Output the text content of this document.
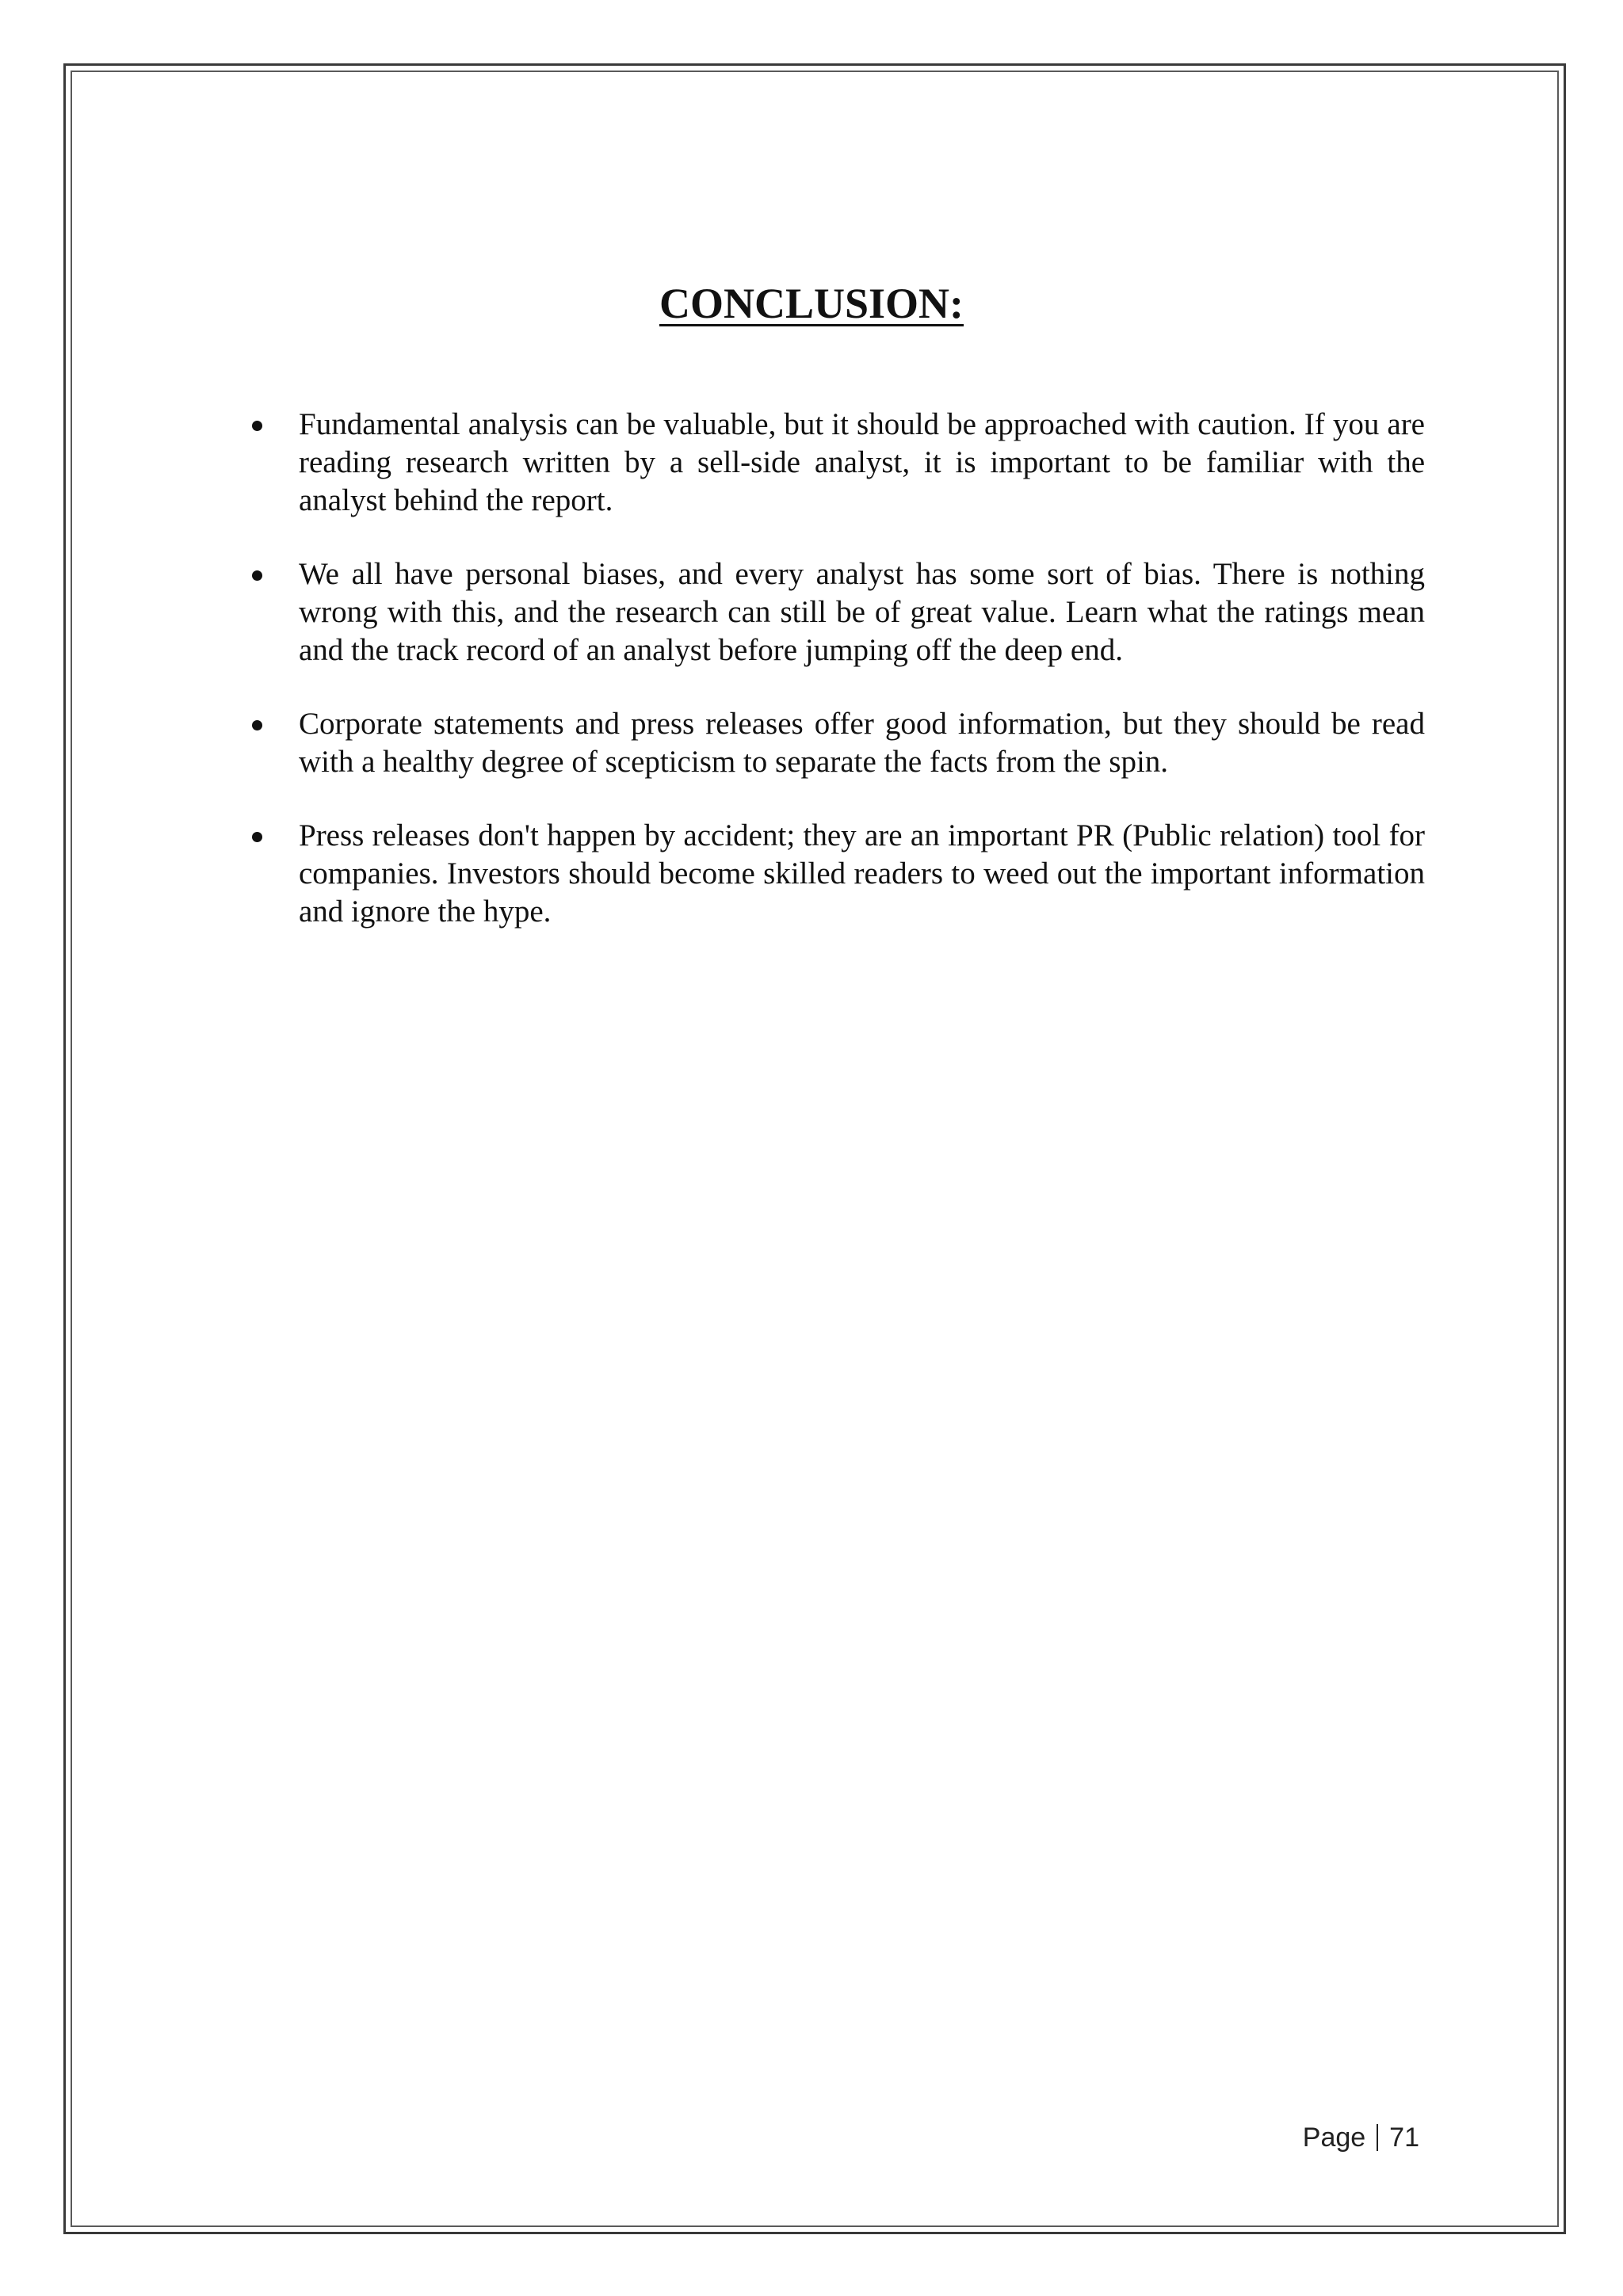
CONCLUSION:
Fundamental analysis can be valuable, but it should be approached with caution. If you are reading research written by a sell-side analyst, it is important to be familiar with the analyst behind the report.
We all have personal biases, and every analyst has some sort of bias. There is nothing wrong with this, and the research can still be of great value. Learn what the ratings mean and the track record of an analyst before jumping off the deep end.
Corporate statements and press releases offer good information, but they should be read with a healthy degree of scepticism to separate the facts from the spin.
Press releases don't happen by accident; they are an important PR (Public relation) tool for companies. Investors should become skilled readers to weed out the important information and ignore the hype.
Page 71
